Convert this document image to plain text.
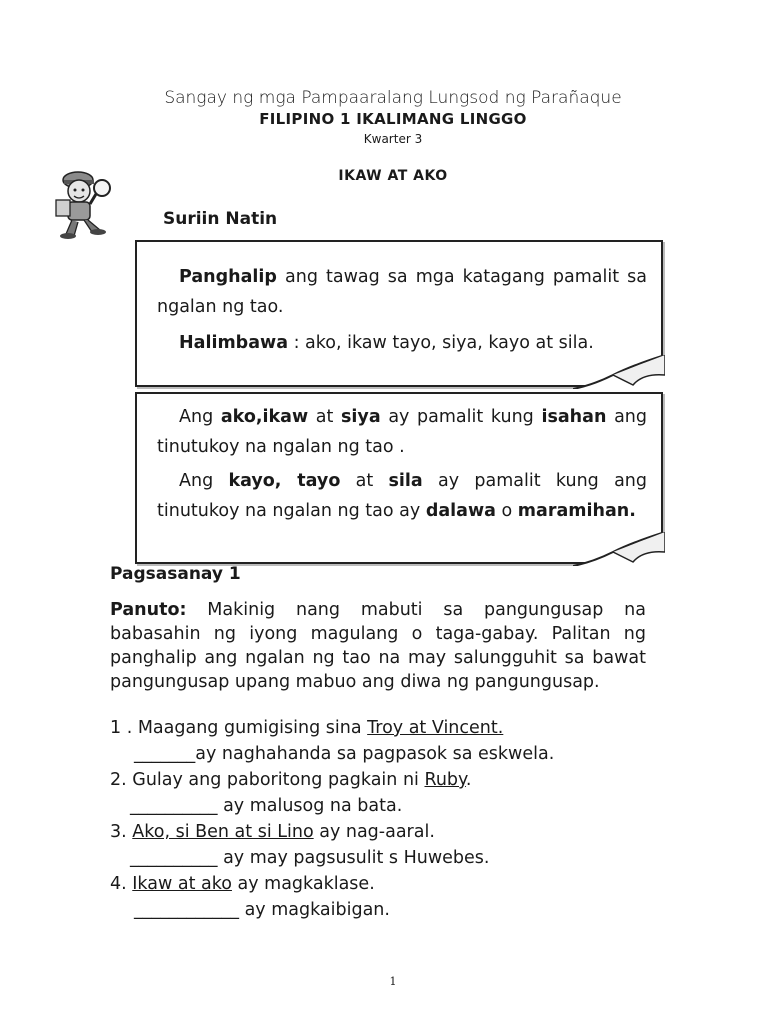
Sangay ng mga Pampaaralang Lungsod ng Parañaque
FILIPINO 1 IKALIMANG LINGGO
Kwarter 3
IKAW AT AKO
Suriin Natin
Panghalip ang tawag sa mga katagang pamalit sa ngalan ng tao.
Halimbawa : ako, ikaw tayo, siya, kayo at sila.
Ang ako,ikaw at siya ay pamalit kung isahan ang tinutukoy na ngalan ng tao .
Ang kayo, tayo at sila ay pamalit kung ang tinutukoy na ngalan ng tao ay dalawa o maramihan.
Pagsasanay 1
Panuto: Makinig nang mabuti sa pangungusap na babasahin ng iyong magulang o taga-gabay. Palitan ng panghalip ang ngalan ng tao na may salungguhit sa bawat pangungusap upang mabuo ang diwa ng pangungusap.
1 . Maagang gumigising sina Troy at Vincent.
_______ay naghahanda sa pagpasok sa eskwela.
2. Gulay ang paboritong pagkain ni Ruby.
__________ ay malusog na bata.
3. Ako, si Ben at si Lino ay nag-aaral.
__________ ay may pagsusulit s Huwebes.
4. Ikaw at ako ay magkaklase.
____________ ay magkaibigan.
1
